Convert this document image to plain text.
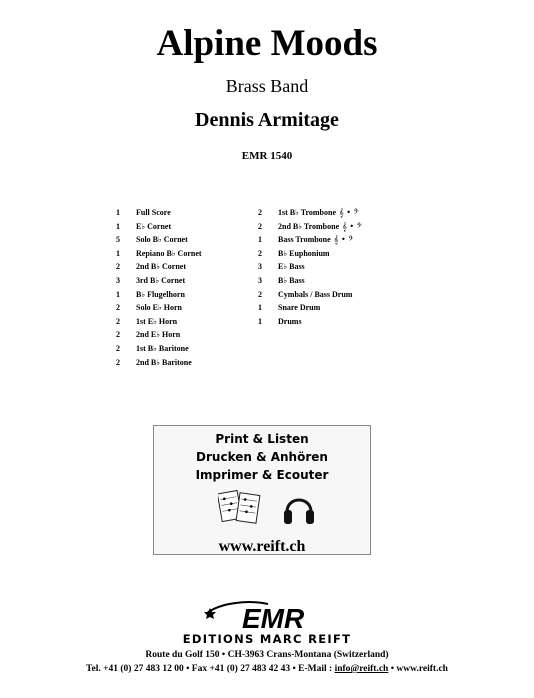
Alpine Moods
Brass Band
Dennis Armitage
EMR 1540
1	Full Score
1	E♭ Cornet
5	Solo B♭ Cornet
1	Repiano B♭ Cornet
2	2nd B♭ Cornet
3	3rd B♭ Cornet
1	B♭ Flugelhorn
2	Solo E♭ Horn
2	1st E♭ Horn
2	2nd E♭ Horn
2	1st B♭ Baritone
2	2nd B♭ Baritone
2	1st B♭ Trombone 𝄞 • 𝄢
2	2nd B♭ Trombone 𝄞 • 𝄢
1	Bass Trombone 𝄞 • 𝄢
2	B♭ Euphonium
3	E♭ Bass
3	B♭ Bass
2	Cymbals / Bass Drum
1	Snare Drum
1	Drums
Print & Listen
Drucken & Anhören
Imprimer & Ecouter
www.reift.ch
EMR
EDITIONS MARC REIFT
Route du Golf 150 • CH-3963 Crans-Montana (Switzerland)
Tel. +41 (0) 27 483 12 00 • Fax +41 (0) 27 483 42 43 • E-Mail : info@reift.ch • www.reift.ch
